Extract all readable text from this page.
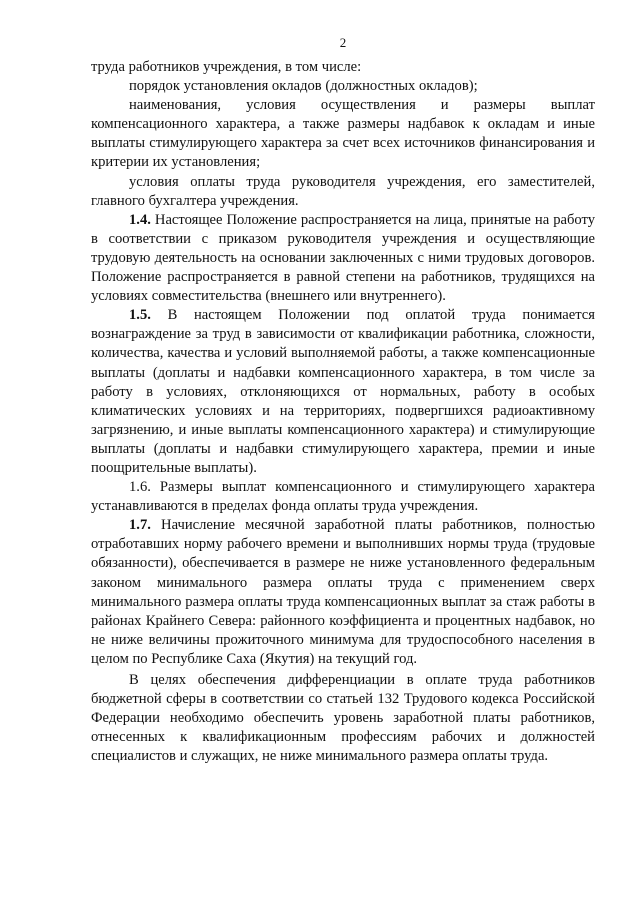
2

труда работников учреждения, в том числе:

порядок установления окладов (должностных окладов);

наименования, условия осуществления и размеры выплат компенсационного характера, а также размеры надбавок к окладам и иные выплаты стимулирующего характера за счет всех источников финансирования и критерии их установления;

условия оплаты труда руководителя учреждения, его заместителей, главного бухгалтера учреждения.

1.4. Настоящее Положение распространяется на лица, принятые на работу в соответствии с приказом руководителя учреждения и осуществляющие трудовую деятельность на основании заключенных с ними трудовых договоров. Положение распространяется в равной степени на работников, трудящихся на условиях совместительства (внешнего или внутреннего).

1.5. В настоящем Положении под оплатой труда понимается вознаграждение за труд в зависимости от квалификации работника, сложности, количества, качества и условий выполняемой работы, а также компенсационные выплаты (доплаты и надбавки компенсационного характера, в том числе за работу в условиях, отклоняющихся от нормальных, работу в особых климатических условиях и на территориях, подвергшихся радиоактивному загрязнению, и иные выплаты компенсационного характера) и стимулирующие выплаты (доплаты и надбавки стимулирующего характера, премии и иные поощрительные выплаты).

1.6. Размеры выплат компенсационного и стимулирующего характера устанавливаются в пределах фонда оплаты труда учреждения.

1.7. Начисление месячной заработной платы работников, полностью отработавших норму рабочего времени и выполнивших нормы труда (трудовые обязанности), обеспечивается в размере не ниже установленного федеральным законом минимального размера оплаты труда с применением сверх минимального размера оплаты труда компенсационных выплат за стаж работы в районах Крайнего Севера: районного коэффициента и процентных надбавок, но не ниже величины прожиточного минимума для трудоспособного населения в целом по Республике Саха (Якутия) на текущий год.

В целях обеспечения дифференциации в оплате труда работников бюджетной сферы в соответствии со статьей 132 Трудового кодекса Российской Федерации необходимо обеспечить уровень заработной платы работников, отнесенных к квалификационным профессиям рабочих и должностей специалистов и служащих, не ниже минимального размера оплаты труда.
